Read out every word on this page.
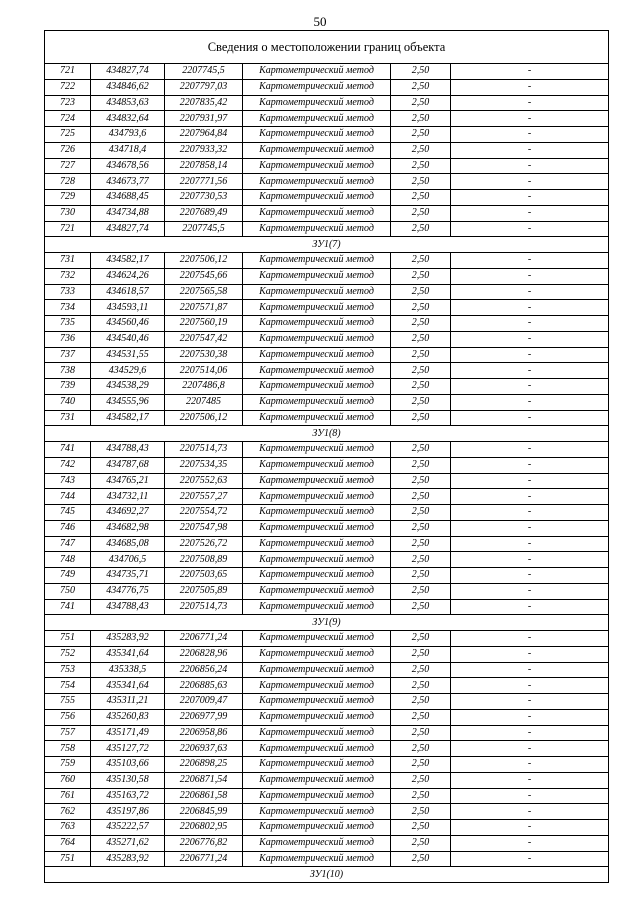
50
Сведения о местоположении границ объекта					
721	434827,74	2207745,5	Картометрический метод	2,50	-
722	434846,62	2207797,03	Картометрический метод	2,50	-
723	434853,63	2207835,42	Картометрический метод	2,50	-
724	434832,64	2207931,97	Картометрический метод	2,50	-
725	434793,6	2207964,84	Картометрический метод	2,50	-
726	434718,4	2207933,32	Картометрический метод	2,50	-
727	434678,56	2207858,14	Картометрический метод	2,50	-
728	434673,77	2207771,56	Картометрический метод	2,50	-
729	434688,45	2207730,53	Картометрический метод	2,50	-
730	434734,88	2207689,49	Картометрический метод	2,50	-
721	434827,74	2207745,5	Картометрический метод	2,50	-
ЗУ1(7)					
731	434582,17	2207506,12	Картометрический метод	2,50	-
732	434624,26	2207545,66	Картометрический метод	2,50	-
733	434618,57	2207565,58	Картометрический метод	2,50	-
734	434593,11	2207571,87	Картометрический метод	2,50	-
735	434560,46	2207560,19	Картометрический метод	2,50	-
736	434540,46	2207547,42	Картометрический метод	2,50	-
737	434531,55	2207530,38	Картометрический метод	2,50	-
738	434529,6	2207514,06	Картометрический метод	2,50	-
739	434538,29	2207486,8	Картометрический метод	2,50	-
740	434555,96	2207485	Картометрический метод	2,50	-
731	434582,17	2207506,12	Картометрический метод	2,50	-
ЗУ1(8)					
741	434788,43	2207514,73	Картометрический метод	2,50	-
742	434787,68	2207534,35	Картометрический метод	2,50	-
743	434765,21	2207552,63	Картометрический метод	2,50	-
744	434732,11	2207557,27	Картометрический метод	2,50	-
745	434692,27	2207554,72	Картометрический метод	2,50	-
746	434682,98	2207547,98	Картометрический метод	2,50	-
747	434685,08	2207526,72	Картометрический метод	2,50	-
748	434706,5	2207508,89	Картометрический метод	2,50	-
749	434735,71	2207503,65	Картометрический метод	2,50	-
750	434776,75	2207505,89	Картометрический метод	2,50	-
741	434788,43	2207514,73	Картометрический метод	2,50	-
ЗУ1(9)					
751	435283,92	2206771,24	Картометрический метод	2,50	-
752	435341,64	2206828,96	Картометрический метод	2,50	-
753	435338,5	2206856,24	Картометрический метод	2,50	-
754	435341,64	2206885,63	Картометрический метод	2,50	-
755	435311,21	2207009,47	Картометрический метод	2,50	-
756	435260,83	2206977,99	Картометрический метод	2,50	-
757	435171,49	2206958,86	Картометрический метод	2,50	-
758	435127,72	2206937,63	Картометрический метод	2,50	-
759	435103,66	2206898,25	Картометрический метод	2,50	-
760	435130,58	2206871,54	Картометрический метод	2,50	-
761	435163,72	2206861,58	Картометрический метод	2,50	-
762	435197,86	2206845,99	Картометрический метод	2,50	-
763	435222,57	2206802,95	Картометрический метод	2,50	-
764	435271,62	2206776,82	Картометрический метод	2,50	-
751	435283,92	2206771,24	Картометрический метод	2,50	-
ЗУ1(10)					
